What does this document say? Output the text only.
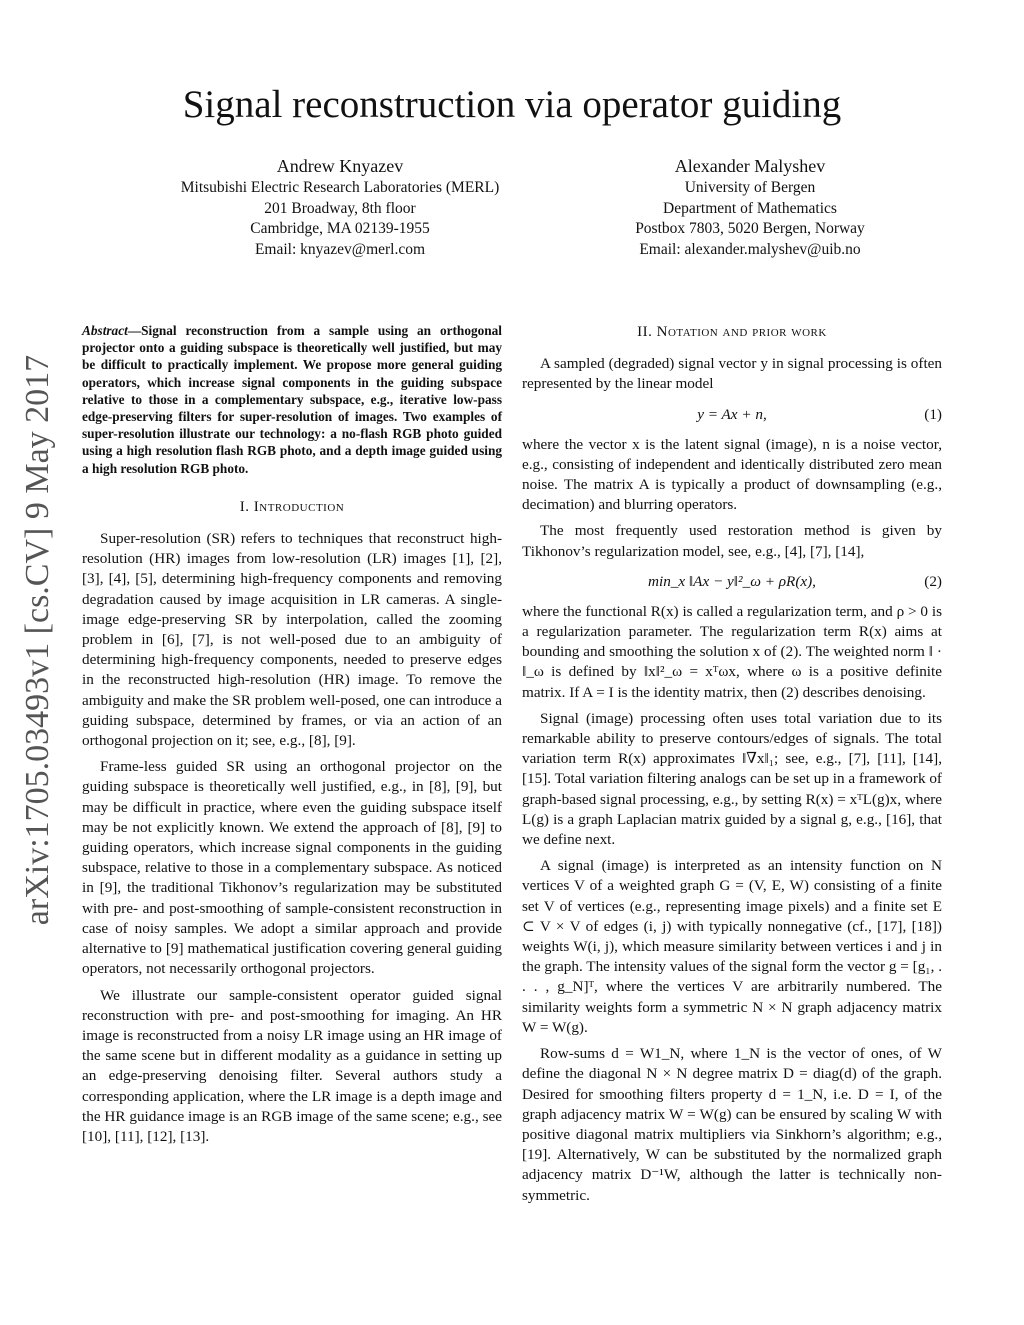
Signal reconstruction via operator guiding
Andrew Knyazev
Mitsubishi Electric Research Laboratories (MERL)
201 Broadway, 8th floor
Cambridge, MA 02139-1955
Email: knyazev@merl.com
Alexander Malyshev
University of Bergen
Department of Mathematics
Postbox 7803, 5020 Bergen, Norway
Email: alexander.malyshev@uib.no
arXiv:1705.03493v1 [cs.CV] 9 May 2017
Abstract—Signal reconstruction from a sample using an orthogonal projector onto a guiding subspace is theoretically well justified, but may be difficult to practically implement. We propose more general guiding operators, which increase signal components in the guiding subspace relative to those in a complementary subspace, e.g., iterative low-pass edge-preserving filters for super-resolution of images. Two examples of super-resolution illustrate our technology: a no-flash RGB photo guided using a high resolution flash RGB photo, and a depth image guided using a high resolution RGB photo.
I. Introduction

Super-resolution (SR) refers to techniques that reconstruct high-resolution (HR) images from low-resolution (LR) images [1], [2], [3], [4], [5], determining high-frequency components and removing degradation caused by image acquisition in LR cameras. A single-image edge-preserving SR by interpolation, called the zooming problem in [6], [7], is not well-posed due to an ambiguity of determining high-frequency components, needed to preserve edges in the reconstructed high-resolution (HR) image. To remove the ambiguity and make the SR problem well-posed, one can introduce a guiding subspace, determined by frames, or via an action of an orthogonal projection on it; see, e.g., [8], [9].

Frame-less guided SR using an orthogonal projector on the guiding subspace is theoretically well justified, e.g., in [8], [9], but may be difficult in practice, where even the guiding subspace itself may be not explicitly known. We extend the approach of [8], [9] to guiding operators, which increase signal components in the guiding subspace, relative to those in a complementary subspace. As noticed in [9], the traditional Tikhonov’s regularization may be substituted with pre- and post-smoothing of sample-consistent reconstruction in case of noisy samples. We adopt a similar approach and provide alternative to [9] mathematical justification covering general guiding operators, not necessarily orthogonal projectors.

We illustrate our sample-consistent operator guided signal reconstruction with pre- and post-smoothing for imaging. An HR image is reconstructed from a noisy LR image using an HR image of the same scene but in different modality as a guidance in setting up an edge-preserving denoising filter. Several authors study a corresponding application, where the LR image is a depth image and the HR guidance image is an RGB image of the same scene; e.g., see [10], [11], [12], [13].

II. Notation and prior work

A sampled (degraded) signal vector y in signal processing is often represented by the linear model

y = Ax + n,	(1)

where the vector x is the latent signal (image), n is a noise vector, e.g., consisting of independent and identically distributed zero mean noise. The matrix A is typically a product of downsampling (e.g., decimation) and blurring operators.

The most frequently used restoration method is given by Tikhonov’s regularization model, see, e.g., [4], [7], [14],

min_x ‖Ax − y‖²_ω + ρR(x),	(2)

where the functional R(x) is called a regularization term, and ρ > 0 is a regularization parameter. The regularization term R(x) aims at bounding and smoothing the solution x of (2). The weighted norm ‖ · ‖_ω is defined by ‖x‖²_ω = xᵀωx, where ω is a positive definite matrix. If A = I is the identity matrix, then (2) describes denoising.

Signal (image) processing often uses total variation due to its remarkable ability to preserve contours/edges of signals. The total variation term R(x) approximates ‖∇x‖₁; see, e.g., [7], [11], [14], [15]. Total variation filtering analogs can be set up in a framework of graph-based signal processing, e.g., by setting R(x) = xᵀL(g)x, where L(g) is a graph Laplacian matrix guided by a signal g, e.g., [16], that we define next.

A signal (image) is interpreted as an intensity function on N vertices V of a weighted graph G = (V, E, W) consisting of a finite set V of vertices (e.g., representing image pixels) and a finite set E ⊂ V × V of edges (i, j) with typically nonnegative (cf., [17], [18]) weights W(i, j), which measure similarity between vertices i and j in the graph. The intensity values of the signal form the vector g = [g₁, . . . , g_N]ᵀ, where the vertices V are arbitrarily numbered. The similarity weights form a symmetric N × N graph adjacency matrix W = W(g).

Row-sums d = W1_N, where 1_N is the vector of ones, of W define the diagonal N × N degree matrix D = diag(d) of the graph. Desired for smoothing filters property d = 1_N, i.e. D = I, of the graph adjacency matrix W = W(g) can be ensured by scaling W with positive diagonal matrix multipliers via Sinkhorn’s algorithm; e.g., [19]. Alternatively, W can be substituted by the normalized graph adjacency matrix D⁻¹W, although the latter is technically non-symmetric.
